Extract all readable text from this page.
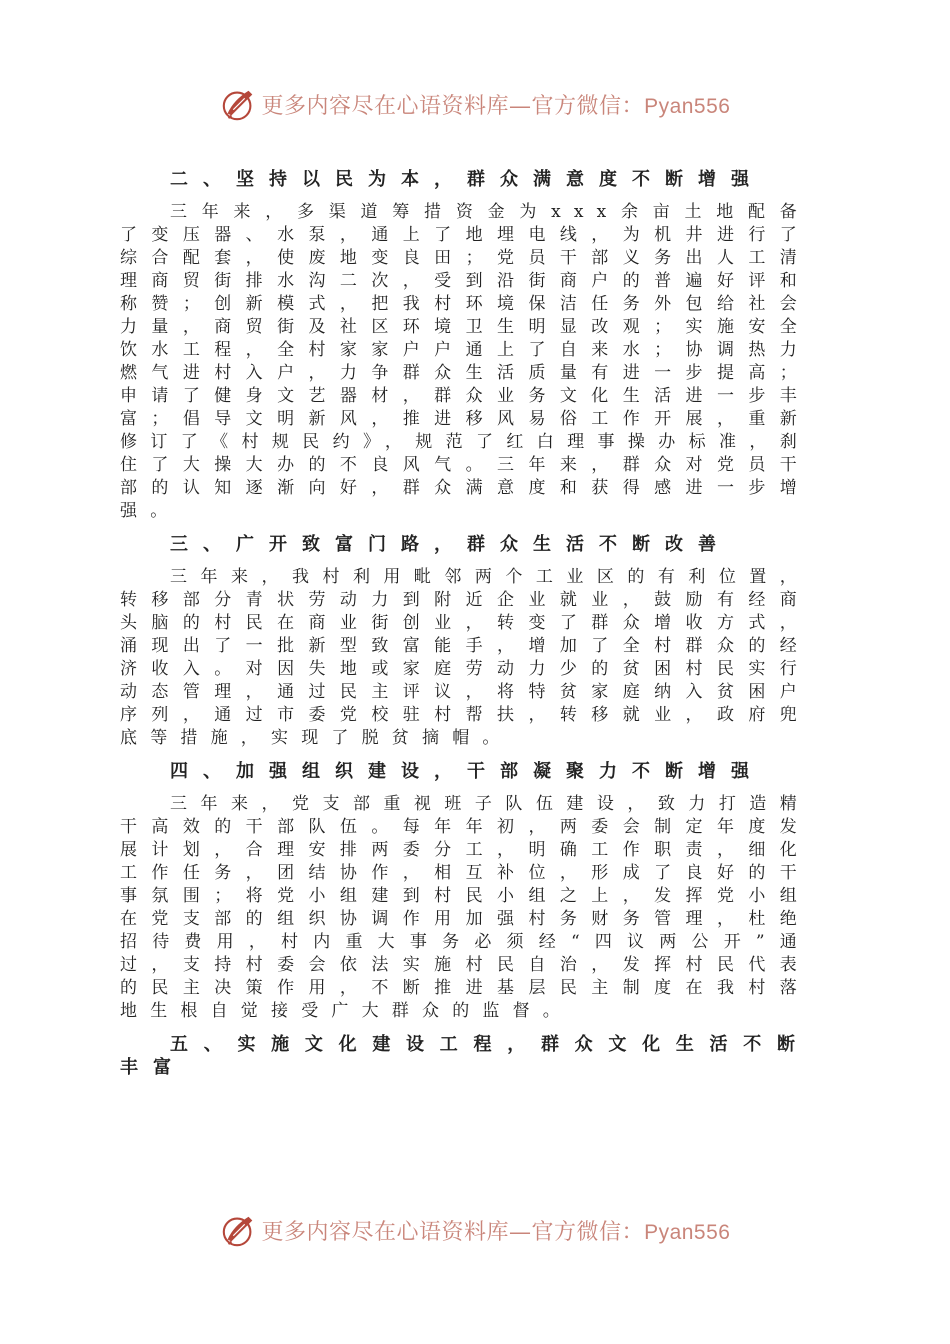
更多内容尽在心语资料库—官方微信：Pyan556
二、坚持以民为本，群众满意度不断增强

三年来，多渠道筹措资金为xxx余亩土地配备了变压器、水泵，通上了地埋电线，为机井进行了综合配套，使废地变良田；党员干部义务出人工清理商贸街排水沟二次，受到沿街商户的普遍好评和称赞；创新模式，把我村环境保洁任务外包给社会力量，商贸街及社区环境卫生明显改观；实施安全饮水工程，全村家家户户通上了自来水；协调热力燃气进村入户，力争群众生活质量有进一步提高；申请了健身文艺器材，群众业务文化生活进一步丰富；倡导文明新风，推进移风易俗工作开展，重新修订了《村规民约》，规范了红白理事操办标准，刹住了大操大办的不良风气。三年来，群众对党员干部的认知逐渐向好，群众满意度和获得感进一步增强。

三、广开致富门路，群众生活不断改善

三年来，我村利用毗邻两个工业区的有利位置，转移部分青状劳动力到附近企业就业，鼓励有经商头脑的村民在商业街创业，转变了群众增收方式，涌现出了一批新型致富能手，增加了全村群众的经济收入。对因失地或家庭劳动力少的贫困村民实行动态管理，通过民主评议，将特贫家庭纳入贫困户序列，通过市委党校驻村帮扶，转移就业，政府兜底等措施，实现了脱贫摘帽。

四、加强组织建设，干部凝聚力不断增强

三年来，党支部重视班子队伍建设，致力打造精干高效的干部队伍。每年年初，两委会制定年度发展计划，合理安排两委分工，明确工作职责，细化工作任务，团结协作，相互补位，形成了良好的干事氛围；将党小组建到村民小组之上，发挥党小组在党支部的组织协调作用加强村务财务管理，杜绝招待费用，村内重大事务必须经“四议两公开”通过，支持村委会依法实施村民自治，发挥村民代表的民主决策作用，不断推进基层民主制度在我村落地生根自觉接受广大群众的监督。

五、实施文化建设工程，群众文化生活不断丰富
更多内容尽在心语资料库—官方微信：Pyan556
